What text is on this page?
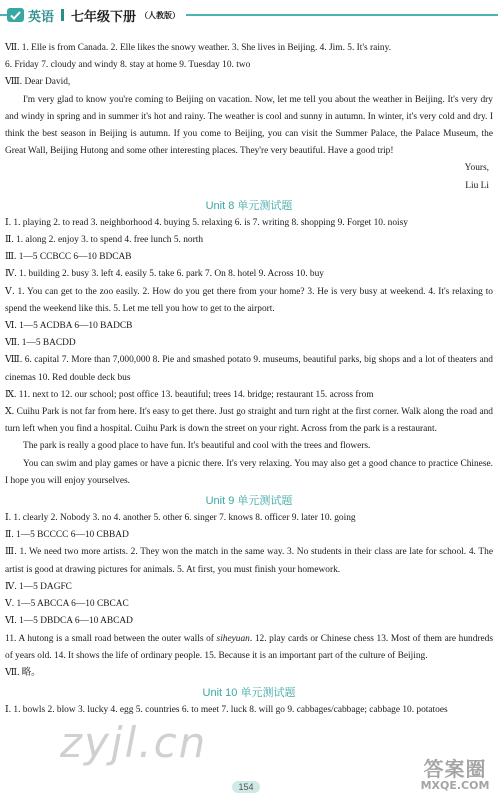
英语 七年级下册 （人教版）

Ⅶ. 1. Elle is from Canada. 2. Elle likes the snowy weather. 3. She lives in Beijing. 4. Jim. 5. It's rainy.

6. Friday 7. cloudy and windy 8. stay at home 9. Tuesday 10. two

Ⅷ. Dear David,

I'm very glad to know you're coming to Beijing on vacation. Now, let me tell you about the weather in Beijing. It's very dry and windy in spring and in summer it's hot and rainy. The weather is cool and sunny in autumn. In winter, it's very cold and dry. I think the best season in Beijing is autumn. If you come to Beijing, you can visit the Summer Palace, the Palace Museum, the Great Wall, Beijing Hutong and some other interesting places. They're very beautiful. Have a good trip!

Yours,

Liu Li

Unit 8 单元测试题

Ⅰ. 1. playing 2. to read 3. neighborhood 4. buying 5. relaxing 6. is 7. writing 8. shopping 9. Forget 10. noisy

Ⅱ. 1. along 2. enjoy 3. to spend 4. free lunch 5. north

Ⅲ. 1—5 CCBCC 6—10 BDCAB

Ⅳ. 1. building 2. busy 3. left 4. easily 5. take 6. park 7. On 8. hotel 9. Across 10. buy

Ⅴ. 1. You can get to the zoo easily. 2. How do you get there from your home? 3. He is very busy at weekend. 4. It's relaxing to spend the weekend like this. 5. Let me tell you how to get to the airport.

Ⅵ. 1—5 ACDBA 6—10 BADCB

Ⅶ. 1—5 BACDD

Ⅷ. 6. capital 7. More than 7,000,000 8. Pie and smashed potato 9. museums, beautiful parks, big shops and a lot of theaters and cinemas 10. Red double deck bus

Ⅸ. 11. next to 12. our school; post office 13. beautiful; trees 14. bridge; restaurant 15. across from

Ⅹ. Cuihu Park is not far from here. It's easy to get there. Just go straight and turn right at the first corner. Walk along the road and turn left when you find a hospital. Cuihu Park is down the street on your right. Across from the park is a restaurant.

The park is really a good place to have fun. It's beautiful and cool with the trees and flowers.

You can swim and play games or have a picnic there. It's very relaxing. You may also get a good chance to practice Chinese. I hope you will enjoy yourselves.

Unit 9 单元测试题

Ⅰ. 1. clearly 2. Nobody 3. no 4. another 5. other 6. singer 7. knows 8. officer 9. later 10. going

Ⅱ. 1—5 BCCCC 6—10 CBBAD

Ⅲ. 1. We need two more artists. 2. They won the match in the same way. 3. No students in their class are late for school. 4. The artist is good at drawing pictures for animals. 5. At first, you must finish your homework.

Ⅳ. 1—5 DAGFC

Ⅴ. 1—5 ABCCA 6—10 CBCAC

Ⅵ. 1—5 DBDCA 6—10 ABCAD

11. A hutong is a small road between the outer walls of siheyuan. 12. play cards or Chinese chess 13. Most of them are hundreds of years old. 14. It shows the life of ordinary people. 15. Because it is an important part of the culture of Beijing.

Ⅶ. 略。

Unit 10 单元测试题

Ⅰ. 1. bowls 2. blow 3. lucky 4. egg 5. countries 6. to meet 7. luck 8. will go 9. cabbages/cabbage; cabbage 10. potatoes

zyjl.cn
154
答案圈
MXQE.COM
